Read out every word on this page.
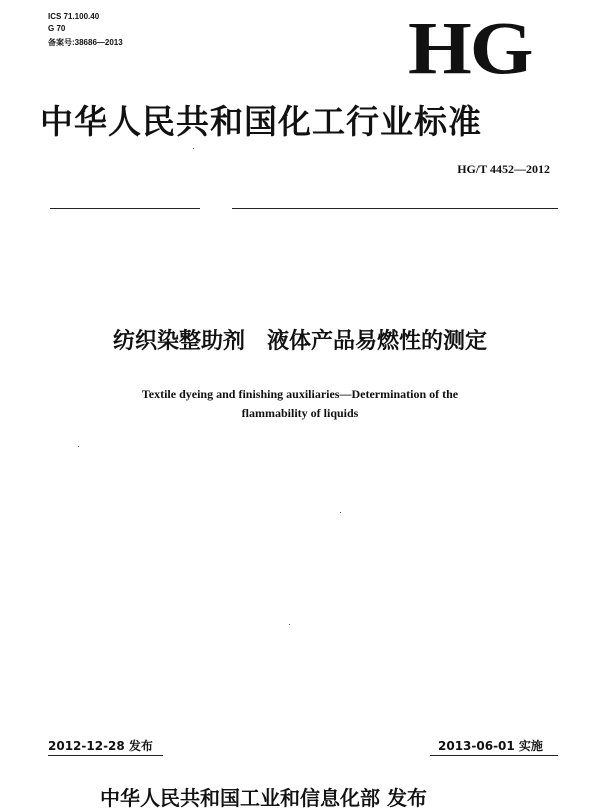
ICS 71.100.40
G 70
备案号:38686—2013	HG
中华人民共和国化工行业标准
HG/T 4452—2012
纺织染整助剂　液体产品易燃性的测定
Textile dyeing and finishing auxiliaries—Determination of the
flammability of liquids
2012-12-28 发布	2013-06-01 实施
中华人民共和国工业和信息化部 发布
